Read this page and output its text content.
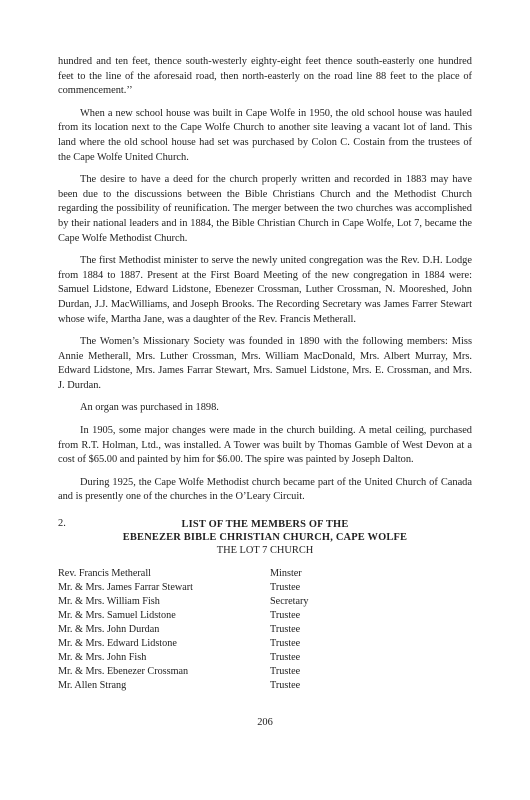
hundred and ten feet, thence south-westerly eighty-eight feet thence south-easterly one hundred feet to the line of the aforesaid road, then north-easterly on the road line 88 feet to the place of commencement.’’

When a new school house was built in Cape Wolfe in 1950, the old school house was hauled from its location next to the Cape Wolfe Church to another site leaving a vacant lot of land. This land where the old school house had set was purchased by Colon C. Costain from the trustees of the Cape Wolfe United Church.

The desire to have a deed for the church properly written and recorded in 1883 may have been due to the discussions between the Bible Christians Church and the Methodist Church regarding the possibility of reunification. The merger between the two churches was accomplished by their national leaders and in 1884, the Bible Christian Church in Cape Wolfe, Lot 7, became the Cape Wolfe Methodist Church.

The first Methodist minister to serve the newly united congregation was the Rev. D.H. Lodge from 1884 to 1887. Present at the First Board Meeting of the new congregation in 1884 were: Samuel Lidstone, Edward Lidstone, Ebenezer Crossman, Luther Crossman, N. Mooreshed, John Durdan, J.J. MacWilliams, and Joseph Brooks. The Recording Secretary was James Farrer Stewart whose wife, Martha Jane, was a daughter of the Rev. Francis Metherall.

The Women’s Missionary Society was founded in 1890 with the following members: Miss Annie Metherall, Mrs. Luther Crossman, Mrs. William MacDonald, Mrs. Albert Murray, Mrs. Edward Lidstone, Mrs. James Farrar Stewart, Mrs. Samuel Lidstone, Mrs. E. Crossman, and Mrs. J. Durdan.

An organ was purchased in 1898.

In 1905, some major changes were made in the church building. A metal ceiling, purchased from R.T. Holman, Ltd., was installed. A Tower was built by Thomas Gamble of West Devon at a cost of $65.00 and painted by him for $6.00. The spire was painted by Joseph Dalton.

During 1925, the Cape Wolfe Methodist church became part of the United Church of Canada and is presently one of the churches in the O’Leary Circuit.

2.	LIST OF THE MEMBERS OF THE
EBENEZER BIBLE CHRISTIAN CHURCH, CAPE WOLFE
THE LOT 7 CHURCH
Rev. Francis Metherall	Minster
Mr. & Mrs. James Farrar Stewart	Trustee
Mr. & Mrs. William Fish	Secretary
Mr. & Mrs. Samuel Lidstone	Trustee
Mr. & Mrs. John Durdan	Trustee
Mr. & Mrs. Edward Lidstone	Trustee
Mr. & Mrs. John Fish	Trustee
Mr. & Mrs. Ebenezer Crossman	Trustee
Mr. Allen Strang	Trustee
206
